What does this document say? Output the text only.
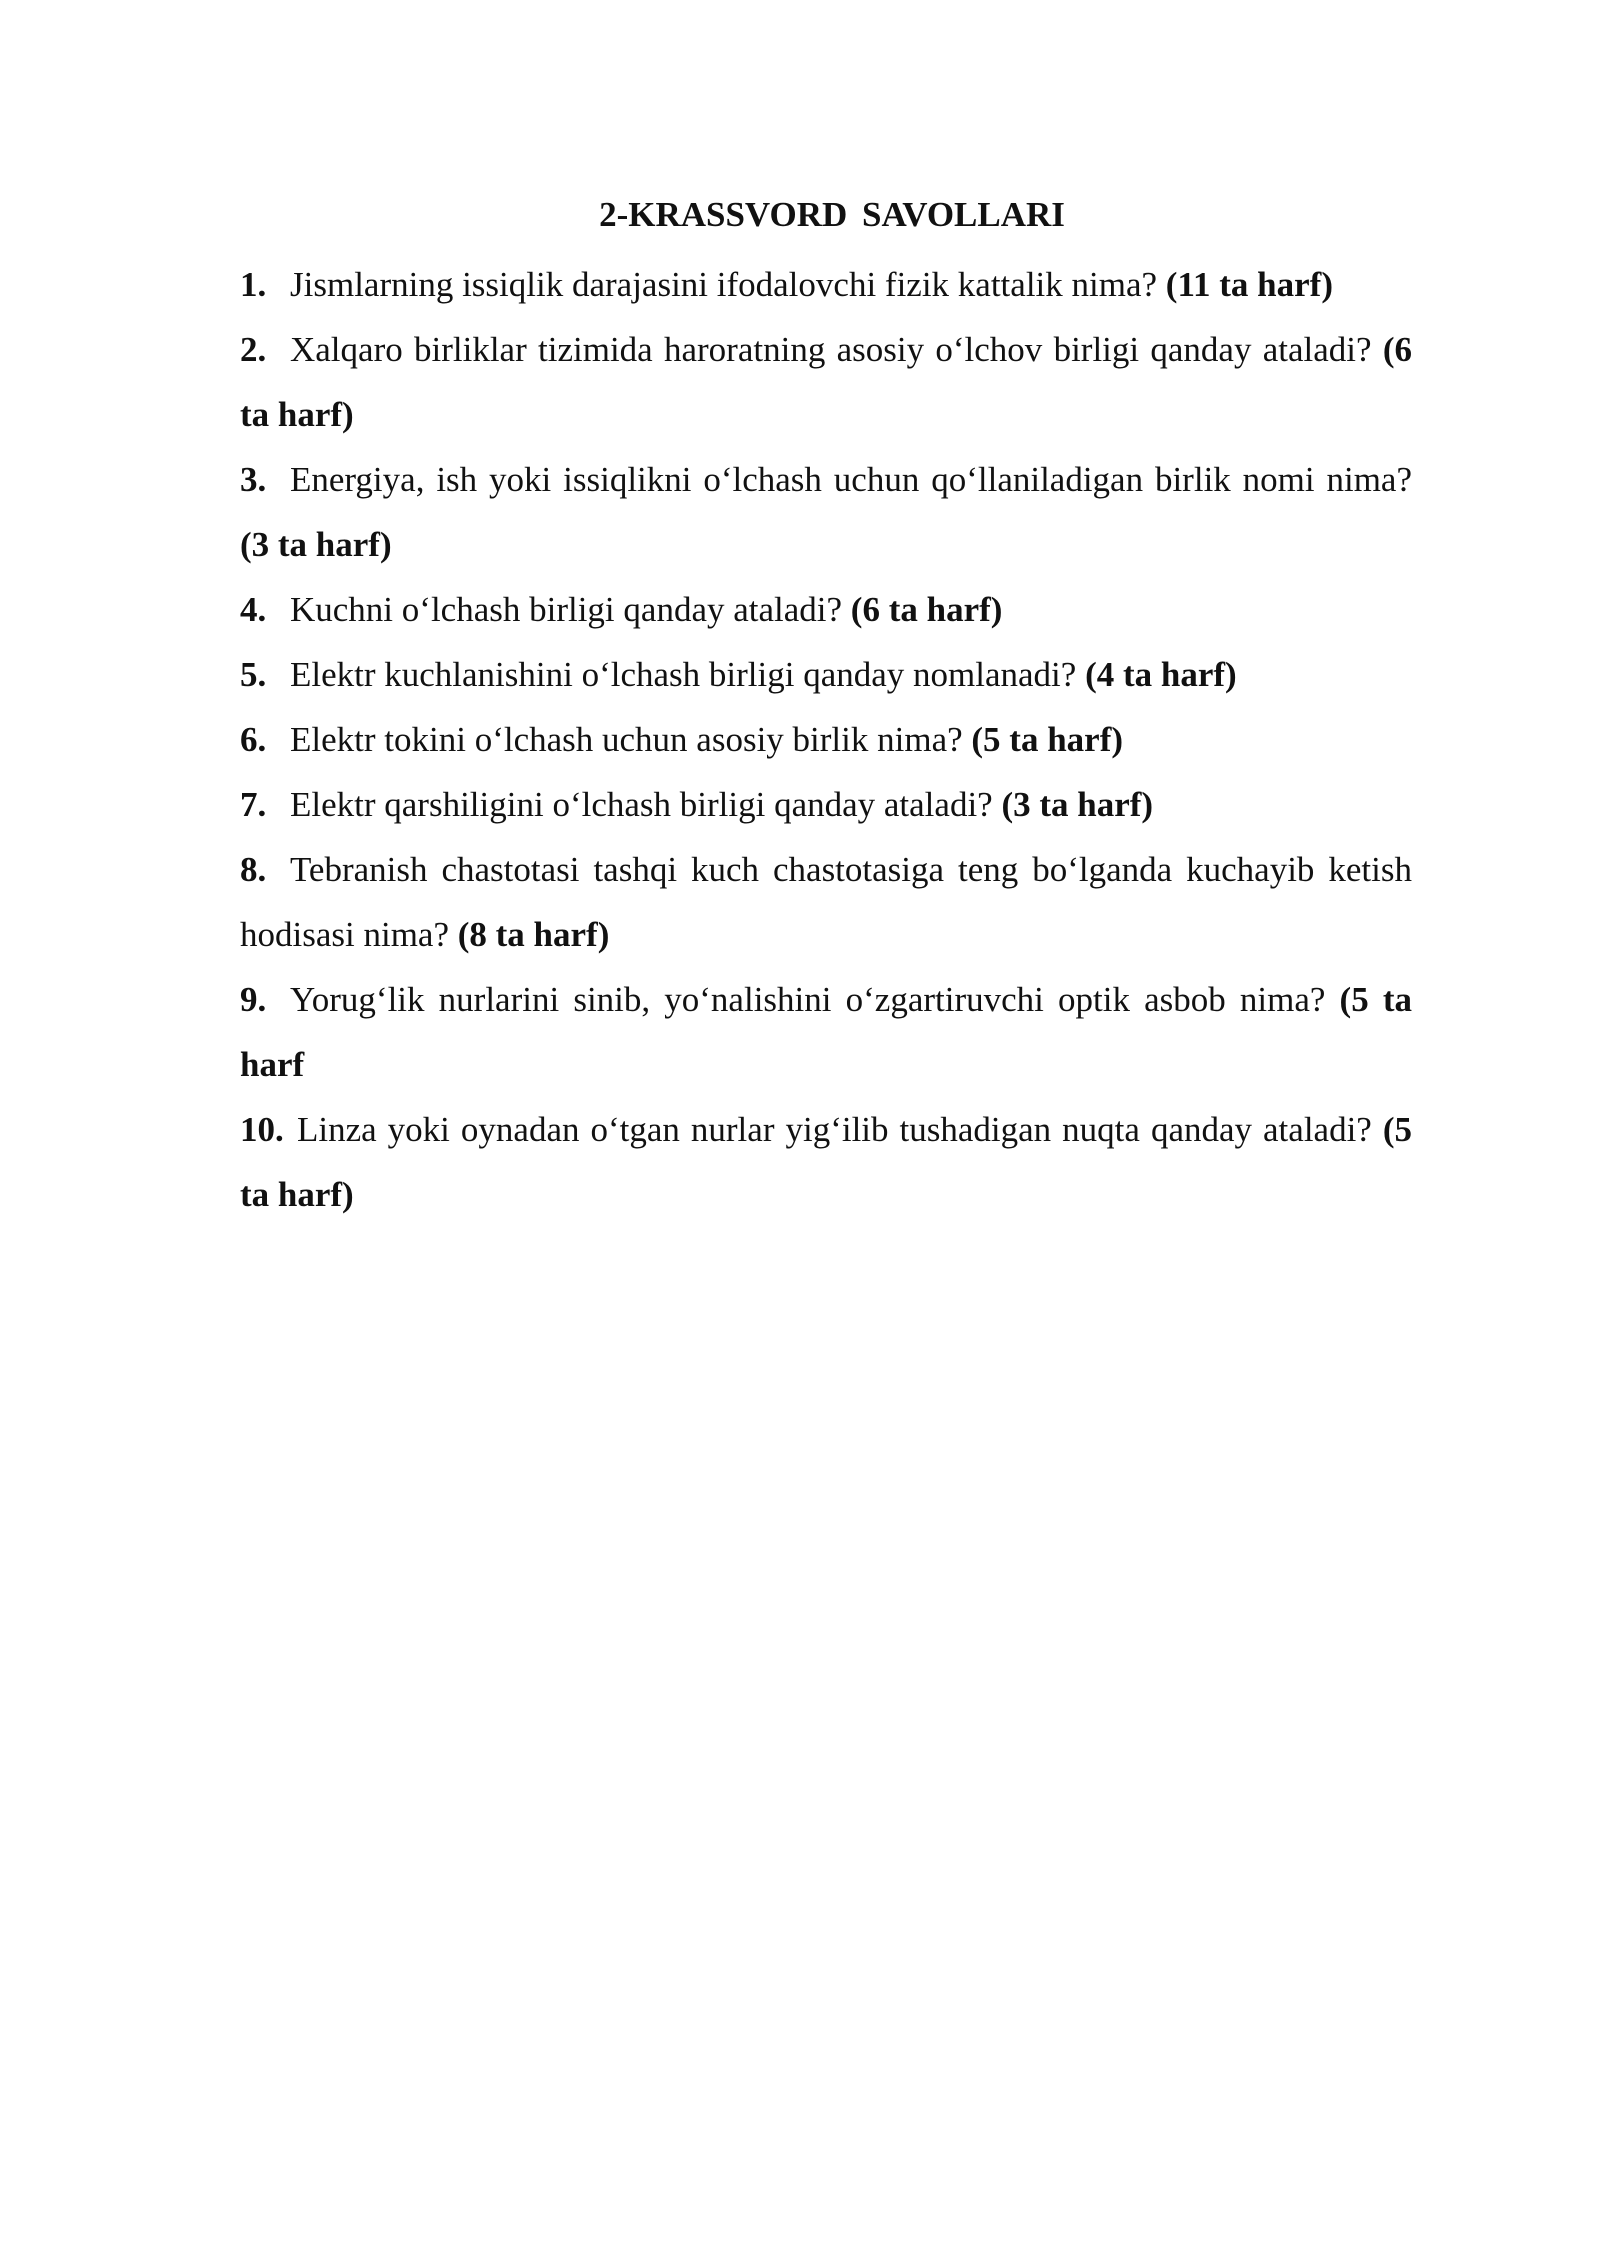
2-KRASSVORD SAVOLLARI

1. Jismlarning issiqlik darajasini ifodalovchi fizik kattalik nima? (11 ta harf)

2. Xalqaro birliklar tizimida haroratning asosiy o‘lchov birligi qanday ataladi? (6 ta harf)

3. Energiya, ish yoki issiqlikni o‘lchash uchun qo‘llaniladigan birlik nomi nima? (3 ta harf)

4. Kuchni o‘lchash birligi qanday ataladi? (6 ta harf)

5. Elektr kuchlanishini o‘lchash birligi qanday nomlanadi? (4 ta harf)

6. Elektr tokini o‘lchash uchun asosiy birlik nima? (5 ta harf)

7. Elektr qarshiligini o‘lchash birligi qanday ataladi? (3 ta harf)

8. Tebranish chastotasi tashqi kuch chastotasiga teng bo‘lganda kuchayib ketish hodisasi nima? (8 ta harf)

9. Yorug‘lik nurlarini sinib, yo‘nalishini o‘zgartiruvchi optik asbob nima? (5 ta harf

10. Linza yoki oynadan o‘tgan nurlar yig‘ilib tushadigan nuqta qanday ataladi? (5 ta harf)
